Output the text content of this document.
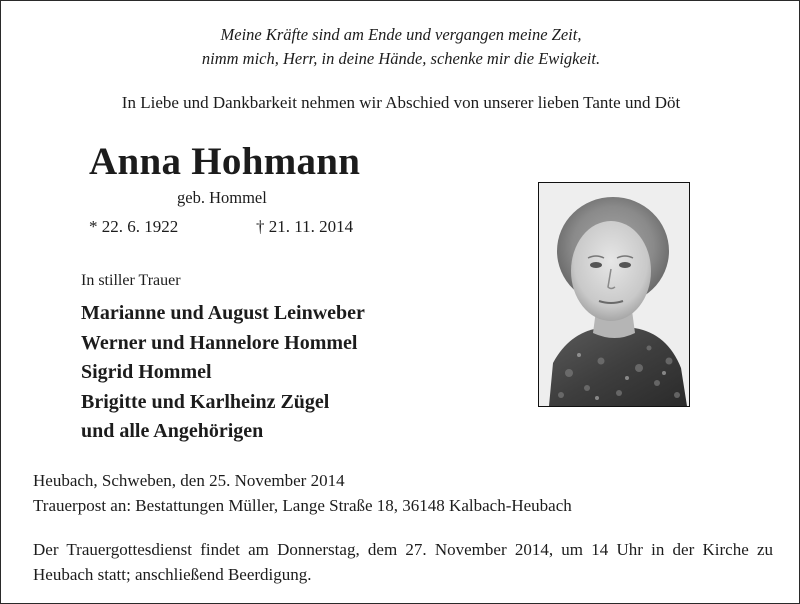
Meine Kräfte sind am Ende und vergangen meine Zeit,
nimm mich, Herr, in deine Hände, schenke mir die Ewigkeit.
In Liebe und Dankbarkeit nehmen wir Abschied von unserer lieben Tante und Döt
Anna Hohmann
geb. Hommel
* 22. 6. 1922	† 21. 11. 2014
In stiller Trauer
Marianne und August Leinweber
Werner und Hannelore Hommel
Sigrid Hommel
Brigitte und Karlheinz Zügel
und alle Angehörigen
Heubach, Schweben, den 25. November 2014
Trauerpost an: Bestattungen Müller, Lange Straße 18, 36148 Kalbach-Heubach
Der Trauergottesdienst findet am Donnerstag, dem 27. November 2014, um 14 Uhr in der Kirche zu Heubach statt; anschließend Beerdigung.
